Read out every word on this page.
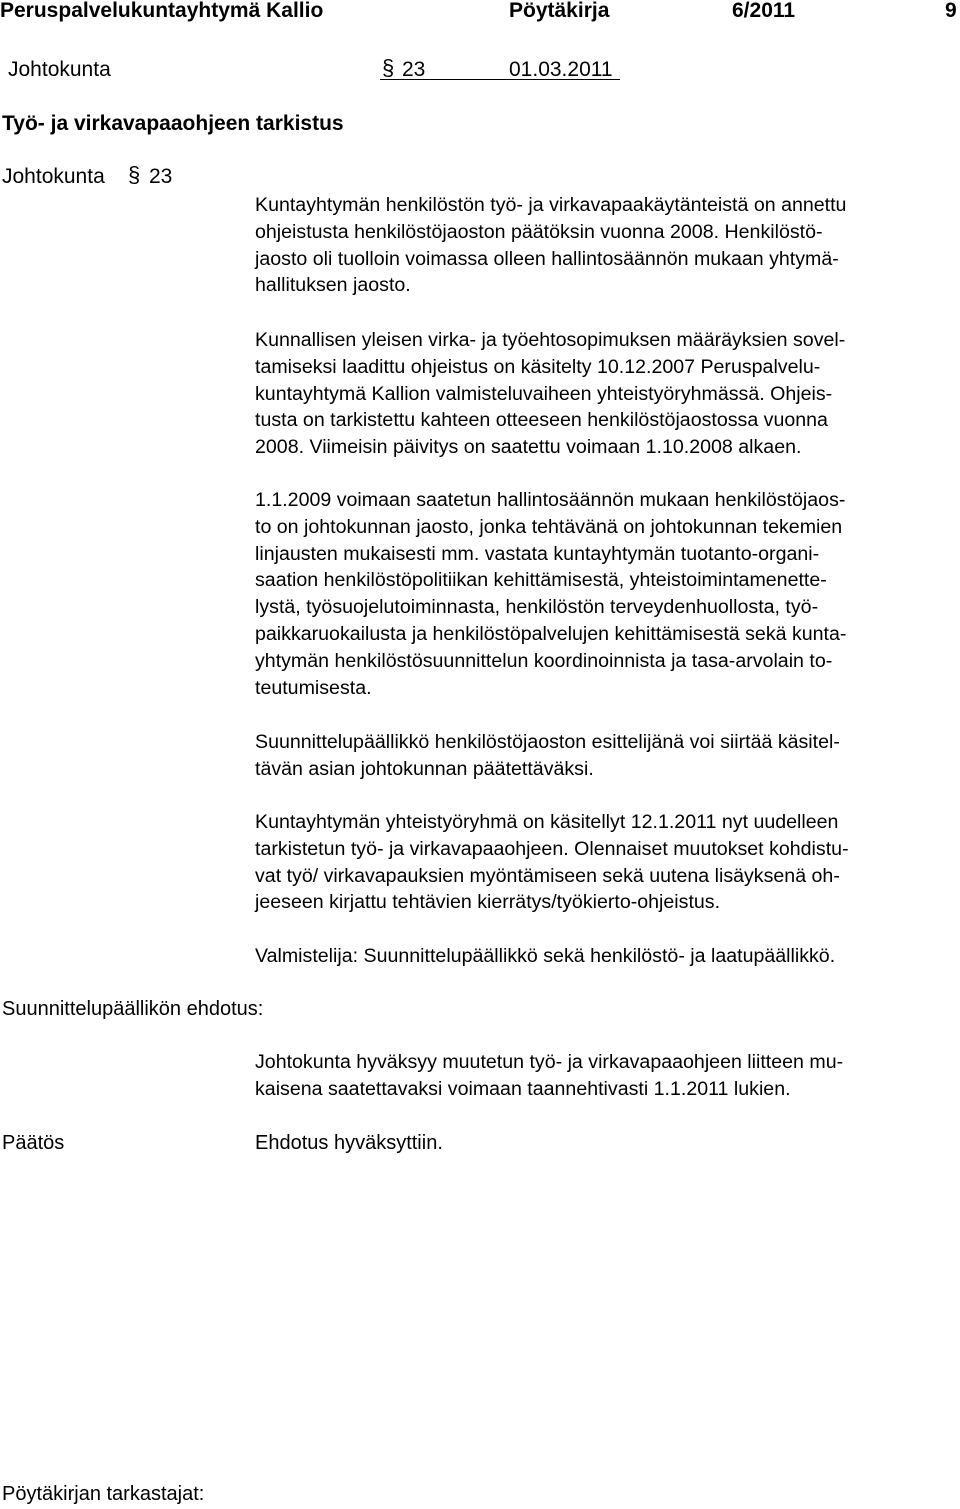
Peruspalvelukuntayhtymä Kallio	Pöytäkirja	6/2011	9
Johtokunta	§ 23	01.03.2011
Työ- ja virkavapaaohjeen tarkistus
Johtokunta § 23

Kuntayhtymän henkilöstön työ- ja virkavapaakäytänteistä on annettu
ohjeistusta henkilöstöjaoston päätöksin vuonna 2008. Henkilöstö-
jaosto oli tuolloin voimassa olleen hallintosäännön mukaan yhtymä-
hallituksen jaosto.

Kunnallisen yleisen virka- ja työehtosopimuksen määräyksien sovel-
tamiseksi laadittu ohjeistus on käsitelty 10.12.2007 Peruspalvelu-
kuntayhtymä Kallion valmisteluvaiheen yhteistyöryhmässä. Ohjeis-
tusta on tarkistettu kahteen otteeseen henkilöstöjaostossa vuonna
2008. Viimeisin päivitys on saatettu voimaan 1.10.2008 alkaen.

1.1.2009 voimaan saatetun hallintosäännön mukaan henkilöstöjaos-
to on johtokunnan jaosto, jonka tehtävänä on johtokunnan tekemien
linjausten mukaisesti mm. vastata kuntayhtymän tuotanto-organi-
saation henkilöstöpolitiikan kehittämisestä, yhteistoimintamenette-
lystä, työsuojelutoiminnasta, henkilöstön terveydenhuollosta, työ-
paikkaruokailusta ja henkilöstöpalvelujen kehittämisestä sekä kunta-
yhtymän henkilöstösuunnittelun koordinoinnista ja tasa-arvolain to-
teutumisesta.

Suunnittelupäällikkö henkilöstöjaoston esittelijänä voi siirtää käsitel-
tävän asian johtokunnan päätettäväksi.

Kuntayhtymän yhteistyöryhmä on käsitellyt 12.1.2011 nyt uudelleen
tarkistetun työ- ja virkavapaaohjeen. Olennaiset muutokset kohdistu-
vat työ/ virkavapauksien myöntämiseen sekä uutena lisäyksenä oh-
jeeseen kirjattu tehtävien kierrätys/työkierto-ohjeistus.

Valmistelija: Suunnittelupäällikkö sekä henkilöstö- ja laatupäällikkö.

Suunnittelupäällikön ehdotus:

Johtokunta hyväksyy muutetun työ- ja virkavapaaohjeen liitteen mu-
kaisena saatettavaksi voimaan taannehtivasti 1.1.2011 lukien.

Päätös	Ehdotus hyväksyttiin.
Pöytäkirjan tarkastajat:
